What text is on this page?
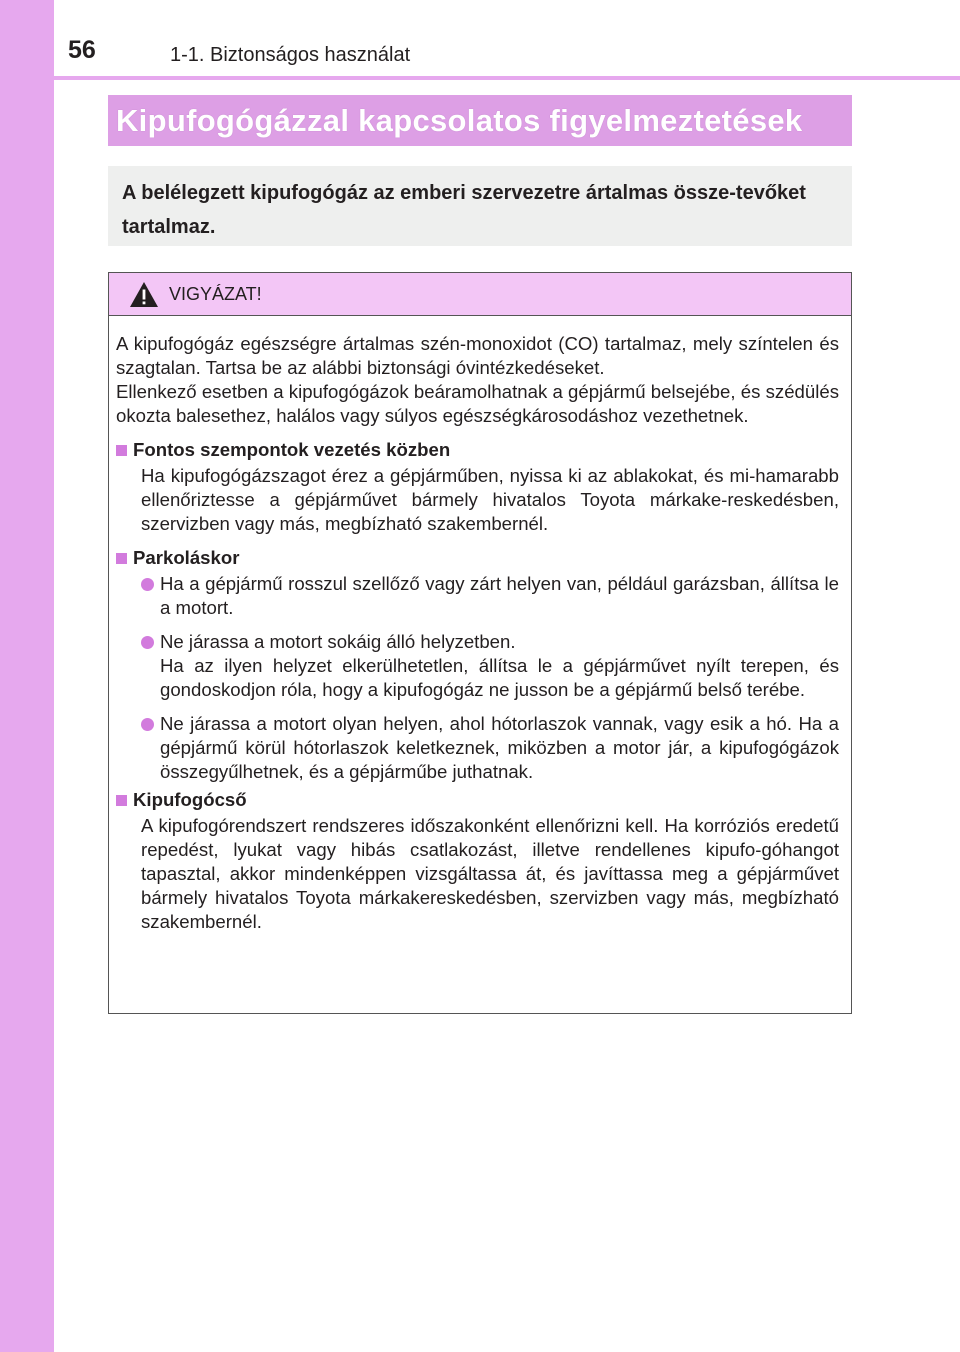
56	1-1. Biztonságos használat
Kipufogógázzal kapcsolatos figyelmeztetések
A belélegzett kipufogógáz az emberi szervezetre ártalmas össze-tevőket tartalmaz.
VIGYÁZAT!

A kipufogógáz egészségre ártalmas szén-monoxidot (CO) tartalmaz, mely színtelen és szagtalan. Tartsa be az alábbi biztonsági óvintézkedéseket.

Ellenkező esetben a kipufogógázok beáramolhatnak a gépjármű belsejébe, és szédülés okozta balesethez, halálos vagy súlyos egészségkárosodáshoz vezethetnek.

Fontos szempontok vezetés közben

Ha kipufogógázszagot érez a gépjárműben, nyissa ki az ablakokat, és mi-hamarabb ellenőriztesse a gépjárművet bármely hivatalos Toyota márkake-reskedésben, szervizben vagy más, megbízható szakembernél.

Parkoláskor
Ha a gépjármű rosszul szellőző vagy zárt helyen van, például garázsban, állítsa le a motort.
Ne járassa a motort sokáig álló helyzetben.
Ha az ilyen helyzet elkerülhetetlen, állítsa le a gépjárművet nyílt terepen, és gondoskodjon róla, hogy a kipufogógáz ne jusson be a gépjármű belső terébe.
Ne járassa a motort olyan helyen, ahol hótorlaszok vannak, vagy esik a hó. Ha a gépjármű körül hótorlaszok keletkeznek, miközben a motor jár, a kipufogógázok összegyűlhetnek, és a gépjárműbe juthatnak.
Kipufogócső

A kipufogórendszert rendszeres időszakonként ellenőrizni kell. Ha korróziós eredetű repedést, lyukat vagy hibás csatlakozást, illetve rendellenes kipufo-góhangot tapasztal, akkor mindenképpen vizsgáltassa át, és javíttassa meg a gépjárművet bármely hivatalos Toyota márkakereskedésben, szervizben vagy más, megbízható szakembernél.
